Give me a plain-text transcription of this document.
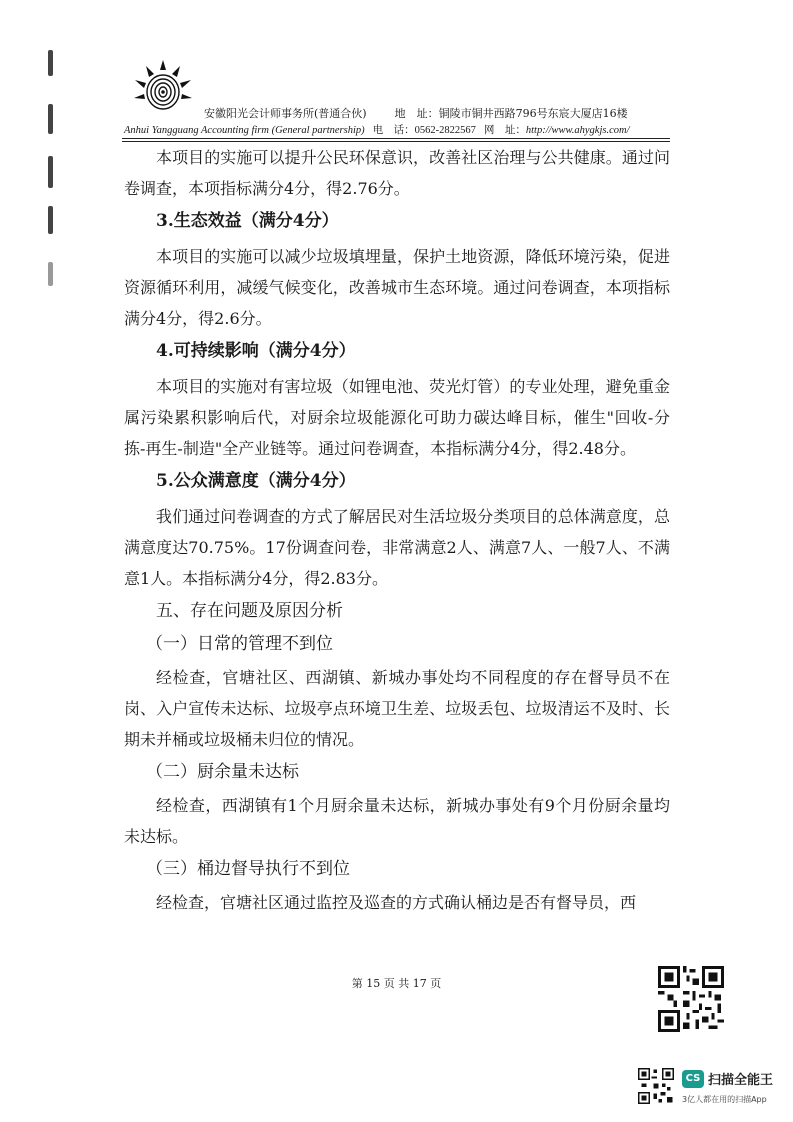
安徽阳光会计师事务所(普通合伙)	地　址：铜陵市铜井西路796号东宸大厦店16楼
Anhui Yangguang Accounting firm (General partnership) 电　话：0562-2822567 网　址：http://www.ahygkjs.com/

本项目的实施可以提升公民环保意识，改善社区治理与公共健康。通过问卷调查，本项指标满分4分，得2.76分。

3.生态效益（满分4分）

本项目的实施可以减少垃圾填埋量，保护土地资源，降低环境污染，促进资源循环利用，减缓气候变化，改善城市生态环境。通过问卷调查，本项指标满分4分，得2.6分。

4.可持续影响（满分4分）

本项目的实施对有害垃圾（如锂电池、荧光灯管）的专业处理，避免重金属污染累积影响后代，对厨余垃圾能源化可助力碳达峰目标，催生"回收-分拣-再生-制造"全产业链等。通过问卷调查，本指标满分4分，得2.48分。

5.公众满意度（满分4分）

我们通过问卷调查的方式了解居民对生活垃圾分类项目的总体满意度，总满意度达70.75%。17份调查问卷，非常满意2人、满意7人、一般7人、不满意1人。本指标满分4分，得2.83分。

五、存在问题及原因分析

（一）日常的管理不到位

经检查，官塘社区、西湖镇、新城办事处均不同程度的存在督导员不在岗、入户宣传未达标、垃圾亭点环境卫生差、垃圾丢包、垃圾清运不及时、长期未并桶或垃圾桶未归位的情况。

（二）厨余量未达标

经检查，西湖镇有1个月厨余量未达标，新城办事处有9个月份厨余量均未达标。

（三）桶边督导执行不到位

经检查，官塘社区通过监控及巡查的方式确认桶边是否有督导员，西

第 15 页 共 17 页
CS 扫描全能王
3亿人都在用的扫描App
